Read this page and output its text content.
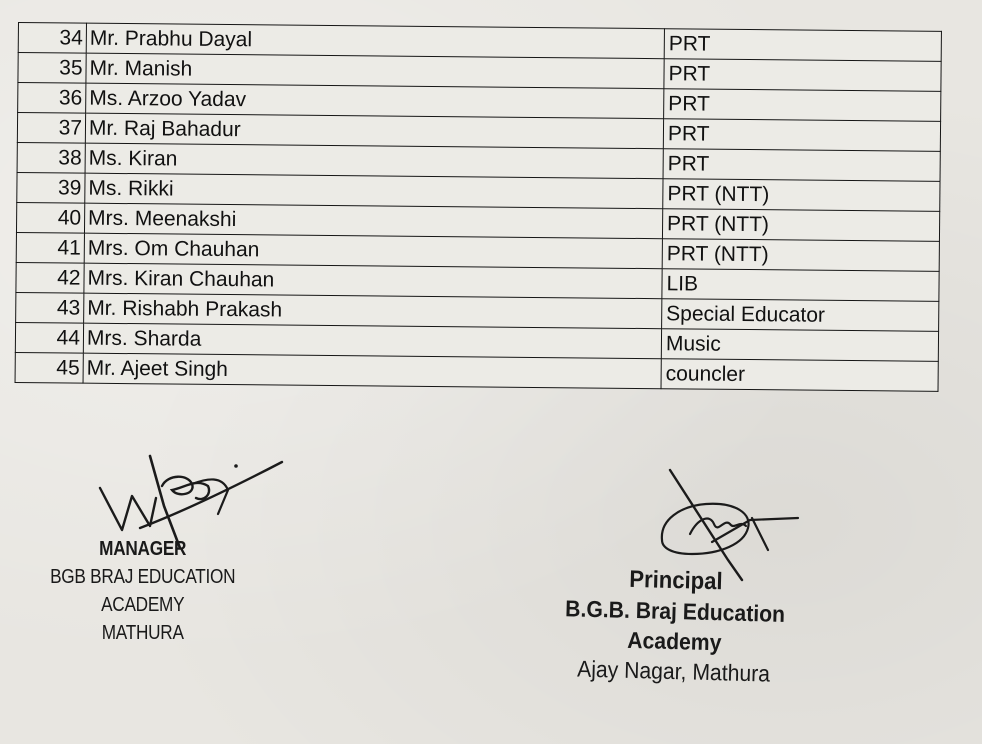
34	Mr. Prabhu Dayal	PRT
35	Mr. Manish	PRT
36	Ms. Arzoo Yadav	PRT
37	Mr. Raj Bahadur	PRT
38	Ms. Kiran	PRT
39	Ms. Rikki	PRT (NTT)
40	Mrs. Meenakshi	PRT (NTT)
41	Mrs. Om Chauhan	PRT (NTT)
42	Mrs. Kiran Chauhan	LIB
43	Mr. Rishabh Prakash	Special Educator
44	Mrs. Sharda	Music
45	Mr. Ajeet Singh	councler
MANAGER
BGB BRAJ EDUCATION ACADEMY
MATHURA
Principal
B.G.B. Braj Education Academy
Ajay Nagar, Mathura
